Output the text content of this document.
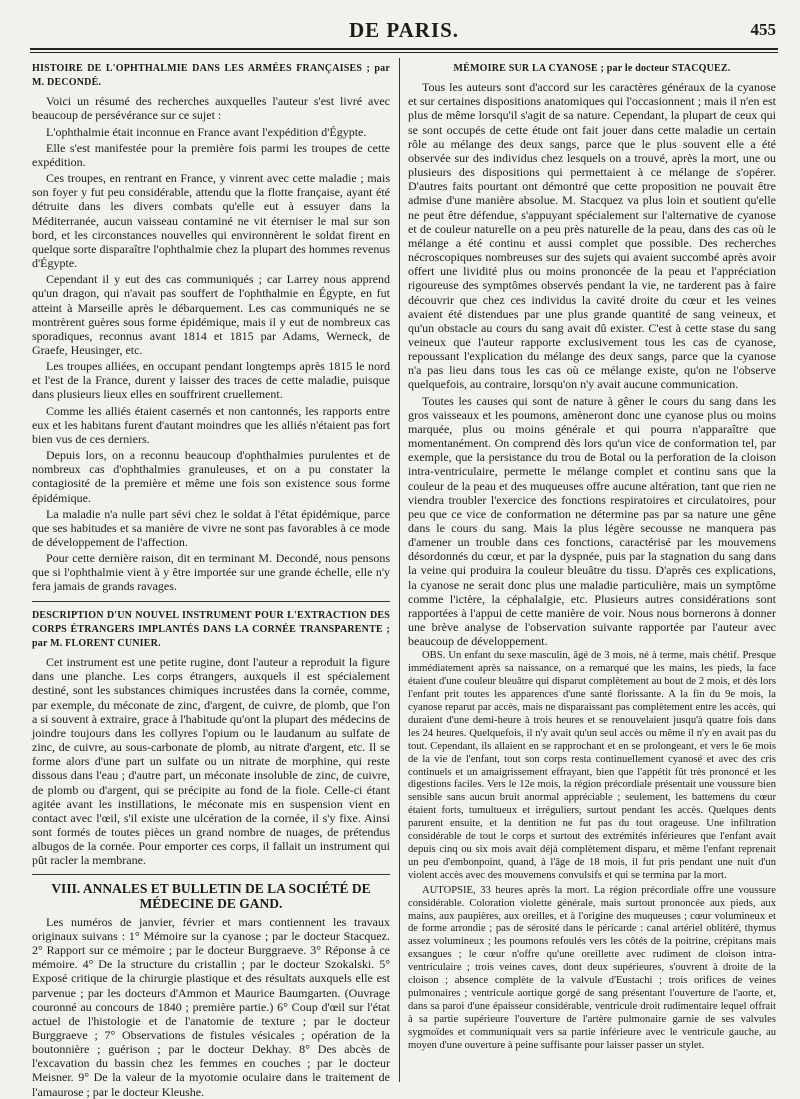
DE PARIS.	455

HISTOIRE DE L'OPHTHALMIE DANS LES ARMÉES FRANÇAISES ; par M. DECONDÉ.

Voici un résumé des recherches auxquelles l'auteur s'est livré avec beaucoup de persévérance sur ce sujet :

L'ophthalmie était inconnue en France avant l'expédition d'Égypte.

Elle s'est manifestée pour la première fois parmi les troupes de cette expédition.

Ces troupes, en rentrant en France, y vinrent avec cette maladie ; mais son foyer y fut peu considérable, attendu que la flotte française, ayant été détruite dans les divers combats qu'elle eut à essuyer dans la Méditerranée, aucun vaisseau contaminé ne vit éterniser le mal sur son bord, et les circonstances nouvelles qui environnèrent le soldat firent en quelque sorte disparaître l'ophthalmie chez la plupart des hommes revenus d'Égypte.

Cependant il y eut des cas communiqués ; car Larrey nous apprend qu'un dragon, qui n'avait pas souffert de l'ophthalmie en Égypte, en fut atteint à Marseille après le débarquement. Les cas communiqués ne se montrèrent guères sous forme épidémique, mais il y eut de nombreux cas sporadiques, reconnus avant 1814 et 1815 par Adams, Werneck, de Graefe, Heusinger, etc.

Les troupes alliées, en occupant pendant longtemps après 1815 le nord et l'est de la France, durent y laisser des traces de cette maladie, puisque dans plusieurs lieux elles en souffrirent cruellement.

Comme les alliés étaient casernés et non cantonnés, les rapports entre eux et les habitans furent d'autant moindres que les alliés n'étaient pas fort bien vus de ces derniers.

Depuis lors, on a reconnu beaucoup d'ophthalmies purulentes et de nombreux cas d'ophthalmies granuleuses, et on a pu constater la contagiosité de la première et même une fois son existence sous forme épidémique.

La maladie n'a nulle part sévi chez le soldat à l'état épidémique, parce que ses habitudes et sa manière de vivre ne sont pas favorables à ce mode de développement de l'affection.

Pour cette dernière raison, dit en terminant M. Decondé, nous pensons que si l'ophthalmie vient à y être importée sur une grande échelle, elle n'y fera jamais de grands ravages.

DESCRIPTION D'UN NOUVEL INSTRUMENT POUR L'EXTRACTION DES CORPS ÉTRANGERS IMPLANTÉS DANS LA CORNÉE TRANSPARENTE ; par M. FLORENT CUNIER.

Cet instrument est une petite rugine, dont l'auteur a reproduit la figure dans une planche. Les corps étrangers, auxquels il est spécialement destiné, sont les substances chimiques incrustées dans la cornée, comme, par exemple, du méconate de zinc, d'argent, de cuivre, de plomb, que l'on a si souvent à extraire, grace à l'habitude qu'ont la plupart des médecins de joindre toujours dans les collyres l'opium ou le laudanum au sulfate de zinc, de cuivre, au sous-carbonate de plomb, au nitrate d'argent, etc. Il se forme alors d'une part un sulfate ou un nitrate de morphine, qui reste dissous dans l'eau ; d'autre part, un méconate insoluble de zinc, de cuivre, de plomb ou d'argent, qui se précipite au fond de la fiole. Celle-ci étant agitée avant les instillations, le méconate mis en suspension vient en contact avec l'œil, s'il existe une ulcération de la cornée, il s'y fixe. Ainsi sont formés de toutes pièces un grand nombre de nuages, de prétendus albugos de la cornée. Pour emporter ces corps, il fallait un instrument qui pût racler la membrane.

VIII. ANNALES ET BULLETIN DE LA SOCIÉTÉ DE MÉDECINE DE GAND.

Les numéros de janvier, février et mars contiennent les travaux originaux suivans : 1° Mémoire sur la cyanose ; par le docteur Stacquez. 2° Rapport sur ce mémoire ; par le docteur Burggraeve. 3° Réponse à ce mémoire. 4° De la structure du cristallin ; par le docteur Szokalski. 5° Exposé critique de la chirurgie plastique et des résultats auxquels elle est parvenue ; par les docteurs d'Ammon et Maurice Baumgarten. (Ouvrage couronné au concours de 1840 ; première partie.) 6° Coup d'œil sur l'état actuel de l'histologie et de l'anatomie de texture ; par le docteur Burggraeve ; 7° Observations de fistules vésicales ; opération de la boutonnière ; guérison ; par le docteur Dekhay. 8° Des abcès de l'excavation du bassin chez les femmes en couches ; par le docteur Meisner. 9° De la valeur de la myotomie oculaire dans le traitement de l'amaurose ; par le docteur Kleushe.

MÉMOIRE SUR LA CYANOSE ; par le docteur STACQUEZ.

Tous les auteurs sont d'accord sur les caractères généraux de la cyanose et sur certaines dispositions anatomiques qui l'occasionnent ; mais il n'en est plus de même lorsqu'il s'agit de sa nature. Cependant, la plupart de ceux qui se sont occupés de cette étude ont fait jouer dans cette maladie un certain rôle au mélange des deux sangs, parce que le plus souvent elle a été observée sur des individus chez lesquels on a trouvé, après la mort, une ou plusieurs des dispositions qui permettaient à ce mélange de s'opérer. D'autres faits pourtant ont démontré que cette proposition ne pouvait être admise d'une manière absolue. M. Stacquez va plus loin et soutient qu'elle ne peut être défendue, s'appuyant spécialement sur l'alternative de cyanose et de couleur naturelle on a peu près naturelle de la peau, dans des cas où le mélange a été continu et aussi complet que possible. Des recherches nécroscopiques nombreuses sur des sujets qui avaient succombé après avoir offert une lividité plus ou moins prononcée de la peau et l'appréciation rigoureuse des symptômes observés pendant la vie, ne tarderent pas à faire découvrir que chez ces individus la cavité droite du cœur et les veines avaient été distendues par une plus grande quantité de sang veineux, et qu'un obstacle au cours du sang avait dû exister. C'est à cette stase du sang veineux que l'auteur rapporte exclusivement tous les cas de cyanose, repoussant l'explication du mélange des deux sangs, parce que la cyanose n'a pas lieu dans tous les cas où ce mélange existe, qu'on ne l'observe quelquefois, au contraire, lorsqu'on n'y avait aucune communication.

Toutes les causes qui sont de nature à gêner le cours du sang dans les gros vaisseaux et les poumons, amèneront donc une cyanose plus ou moins marquée, plus ou moins générale et qui pourra n'apparaître que momentanément. On comprend dès lors qu'un vice de conformation tel, par exemple, que la persistance du trou de Botal ou la perforation de la cloison intra-ventriculaire, permette le mélange complet et continu sans que la couleur de la peau et des muqueuses offre aucune altération, tant que rien ne viendra troubler l'exercice des fonctions respiratoires et circulatoires, pour peu que ce vice de conformation ne détermine pas par sa nature une gêne dans le cours du sang. Mais la plus légère secousse ne manquera pas d'amener un trouble dans ces fonctions, caractérisé par les mouvemens désordonnés du cœur, et par la dyspnée, puis par la stagnation du sang dans la veine qui produira la couleur bleuâtre du tissu. D'après ces explications, la cyanose ne serait donc plus une maladie particulière, mais un symptôme comme l'ictère, la céphalalgie, etc. Plusieurs autres considérations sont rapportées à l'appui de cette manière de voir. Nous nous bornerons à donner une brève analyse de l'observation suivante rapportée par l'auteur avec beaucoup de développement.

OBS. Un enfant du sexe masculin, âgé de 3 mois, né à terme, mais chétif. Presque immédiatement après sa naissance, on a remarqué que les mains, les pieds, la face étaient d'une couleur bleuâtre qui disparut complètement au bout de 2 mois, et dès lors l'enfant prit toutes les apparences d'une santé florissante. A la fin du 9e mois, la cyanose reparut par accès, mais ne disparaissant pas complètement entre les accès, qui duraient d'une demi-heure à trois heures et se renouvelaient jusqu'à quatre fois dans les 24 heures. Quelquefois, il n'y avait qu'un seul accès ou même il n'y en avait pas du tout. Cependant, ils allaient en se rapprochant et en se prolongeant, et vers le 6e mois de la vie de l'enfant, tout son corps resta continuellement cyanosé et avec des cris continuels et un amaigrissement effrayant, bien que l'appétit fût très prononcé et les digestions faciles. Vers le 12e mois, la région précordiale présentait une voussure bien sensible sans aucun bruit anormal appréciable ; seulement, les battemens du cœur étaient forts, tumultueux et irréguliers, surtout pendant les accès. Quelques dents parurent ensuite, et la dentition ne fut pas du tout orageuse. Une infiltration considérable de tout le corps et surtout des extrémités inférieures que l'enfant avait depuis cinq ou six mois avait déjà complètement disparu, et même l'enfant reprenait un peu d'embonpoint, quand, à l'âge de 18 mois, il fut pris pendant une nuit d'un violent accès avec des mouvemens convulsifs et qui se termina par la mort.

AUTOPSIE, 33 heures après la mort. La région précordiale offre une voussure considérable. Coloration violette générale, mais surtout prononcée aux pieds, aux mains, aux paupières, aux oreilles, et à l'origine des muqueuses ; cœur volumineux et de forme arrondie ; pas de sérosité dans le péricarde : canal artériel oblitéré, thymus assez volumineux ; les poumons refoulés vers les côtés de la poitrine, crépitans mais exsangues ; le cœur n'offre qu'une oreillette avec rudiment de cloison intra-ventriculaire ; trois veines caves, dont deux supérieures, s'ouvrent à droite de la cloison ; absence complète de la valvule d'Eustachi ; trois orifices de veines pulmonaires ; ventricule aortique gorgé de sang présentant l'ouverture de l'aorte, et, dans sa paroi d'une épaisseur considérable, ventricule droit rudimentaire lequel offrait à sa partie supérieure l'ouverture de l'artère pulmonaire garnie de ses valvules sygmoïdes et communiquait vers sa partie inférieure avec le ventricule gauche, au moyen d'une ouverture à peine suffisante pour laisser passer un stylet.
